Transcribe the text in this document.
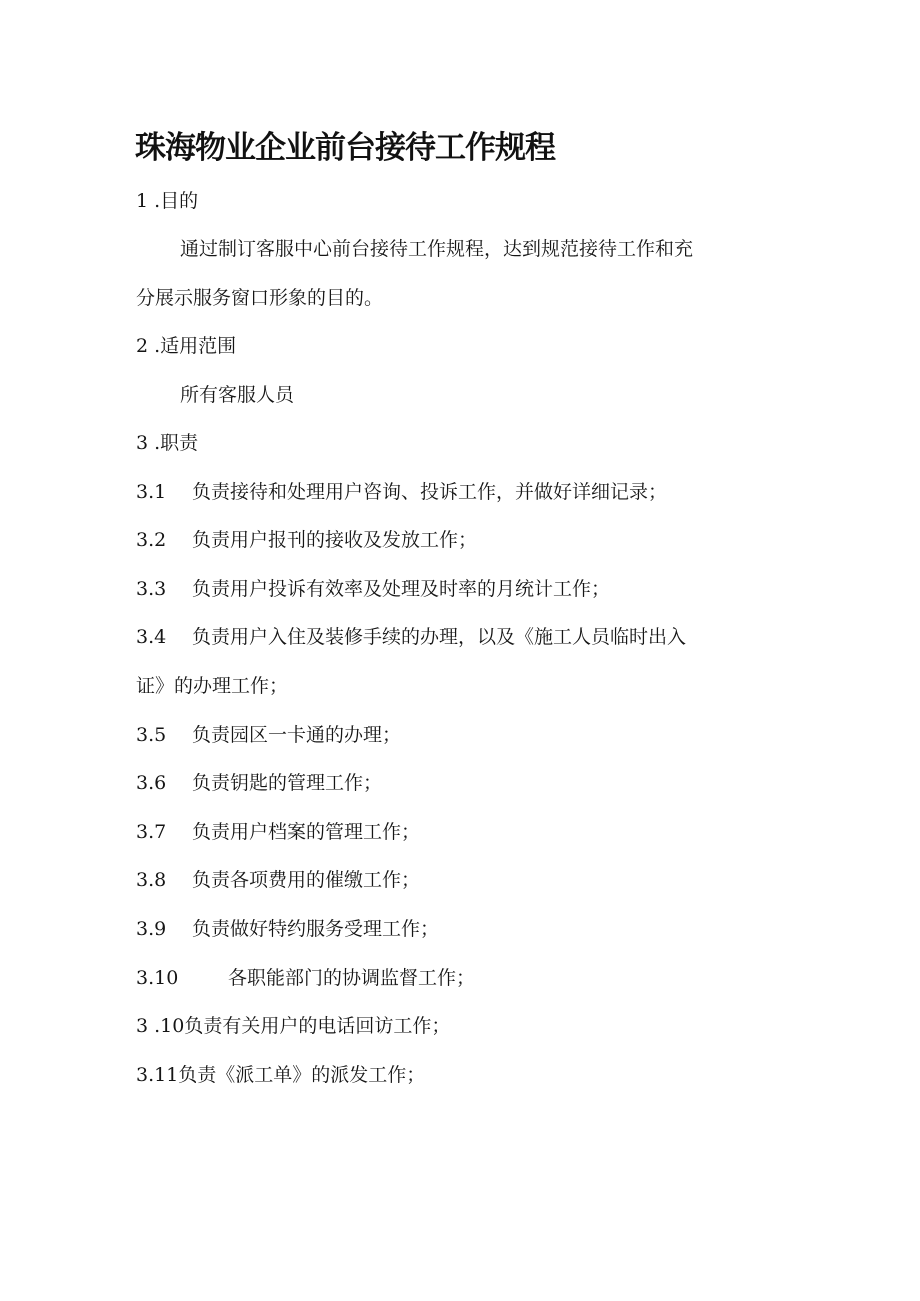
珠海物业企业前台接待工作规程

1 .目的

通过制订客服中心前台接待工作规程，达到规范接待工作和充

分展示服务窗口形象的目的。

2 .适用范围

所有客服人员

3 .职责

3.1 负责接待和处理用户咨询、投诉工作，并做好详细记录；

3.2 负责用户报刊的接收及发放工作；

3.3 负责用户投诉有效率及处理及时率的月统计工作；

3.4 负责用户入住及装修手续的办理，以及《施工人员临时出入

证》的办理工作；

3.5 负责园区一卡通的办理；

3.6 负责钥匙的管理工作；

3.7 负责用户档案的管理工作；

3.8 负责各项费用的催缴工作；

3.9 负责做好特约服务受理工作；

3.10	各职能部门的协调监督工作；

3 .10负责有关用户的电话回访工作；

3.11负责《派工单》的派发工作；
